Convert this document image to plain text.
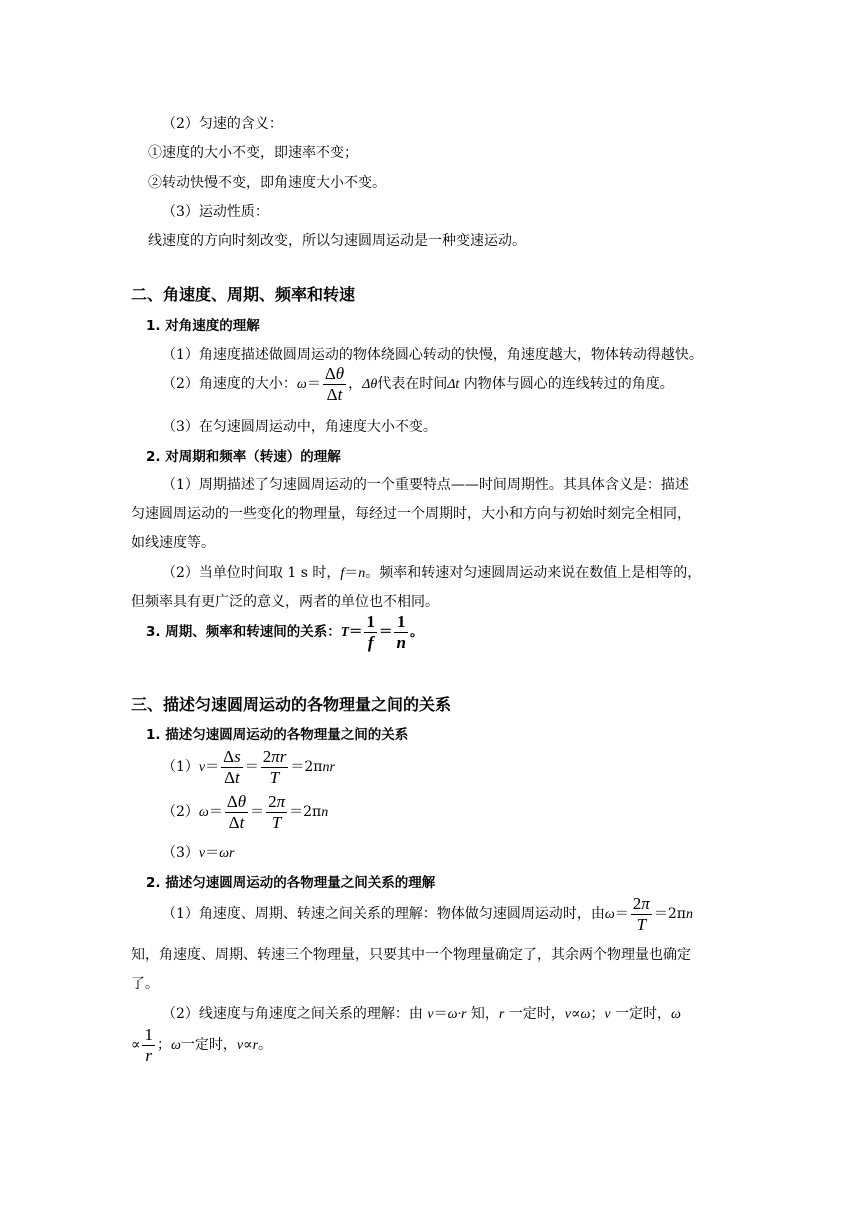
（2）匀速的含义：
①速度的大小不变，即速率不变；
②转动快慢不变，即角速度大小不变。
（3）运动性质：
线速度的方向时刻改变，所以匀速圆周运动是一种变速运动。
二、角速度、周期、频率和转速
1. 对角速度的理解
（1）角速度描述做圆周运动的物体绕圆心转动的快慢，角速度越大，物体转动得越快。
（2）角速度的大小：$\omega= \frac{\Delta\theta}{\Delta t}$ ，Δθ代表在时间Δt 内物体与圆心的连线转过的角度。
（3）在匀速圆周运动中，角速度大小不变。
2. 对周期和频率（转速）的理解
（1）周期描述了匀速圆周运动的一个重要特点——时间周期性。其具体含义是：描述
匀速圆周运动的一些变化的物理量，每经过一个周期时，大小和方向与初始时刻完全相同，
如线速度等。
（2）当单位时间取 1 s 时，f＝n。频率和转速对匀速圆周运动来说在数值上是相等的，
但频率具有更广泛的意义，两者的单位也不相同。
3. 周期、频率和转速间的关系：$T= \frac{1}{f} = \frac{1}{n}$ 。
三、描述匀速圆周运动的各物理量之间的关系
1. 描述匀速圆周运动的各物理量之间的关系
$(1)v= \frac{\Delta s}{\Delta t} = \frac{2\pi r}{T} =2\pi nr$
$(2)\omega= \frac{\Delta\theta}{\Delta t} = \frac{2\pi}{T} =2\pi n$
（3）v＝ωr
2. 描述匀速圆周运动的各物理量之间关系的理解
（1）角速度、周期、转速之间关系的理解：物体做匀速圆周运动时，由$\omega= \frac{2\pi}{T} =2\pi n$
知，角速度、周期、转速三个物理量，只要其中一个物理量确定了，其余两个物理量也确定
了。
（2）线速度与角速度之间关系的理解：由 v＝ω·r 知，r 一定时，v∝ω；v 一定时，ω
∝ $\frac{1}{r}$ ；ω一定时，v∝r。
